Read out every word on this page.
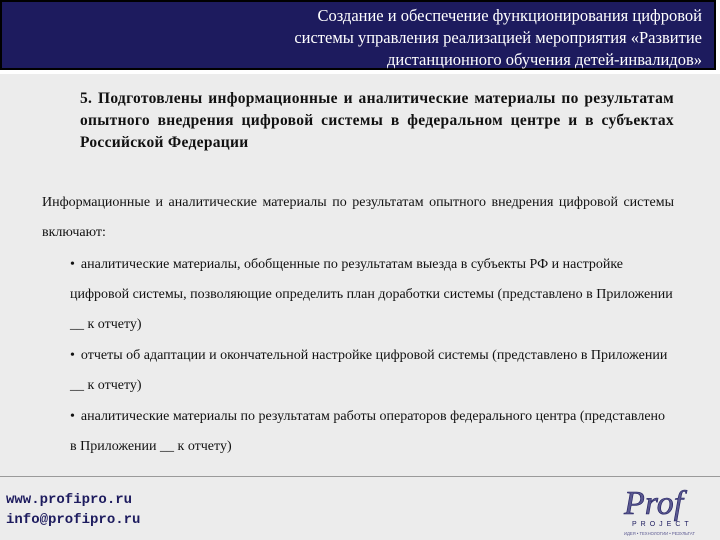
Создание и обеспечение функционирования цифровой
системы управления реализацией мероприятия «Развитие
дистанционного обучения детей-инвалидов»
5. Подготовлены информационные и аналитические материалы по результатам опытного внедрения цифровой системы в федеральном центре и в субъектах Российской Федерации
Информационные и аналитические материалы по результатам опытного внедрения цифровой системы включают:
• аналитические материалы, обобщенные по результатам выезда в субъекты РФ и настройке цифровой системы, позволяющие определить план доработки системы (представлено в Приложении __ к отчету)
• отчеты об адаптации и окончательной настройке цифровой системы (представлено в Приложении __ к отчету)
• аналитические материалы по результатам работы операторов федерального центра (представлено в Приложении __ к отчету)
www.profipro.ru
info@profipro.ru	Prof
PROJECT
ИДЕЯ • ТЕХНОЛОГИИ • РЕЗУЛЬТАТ
